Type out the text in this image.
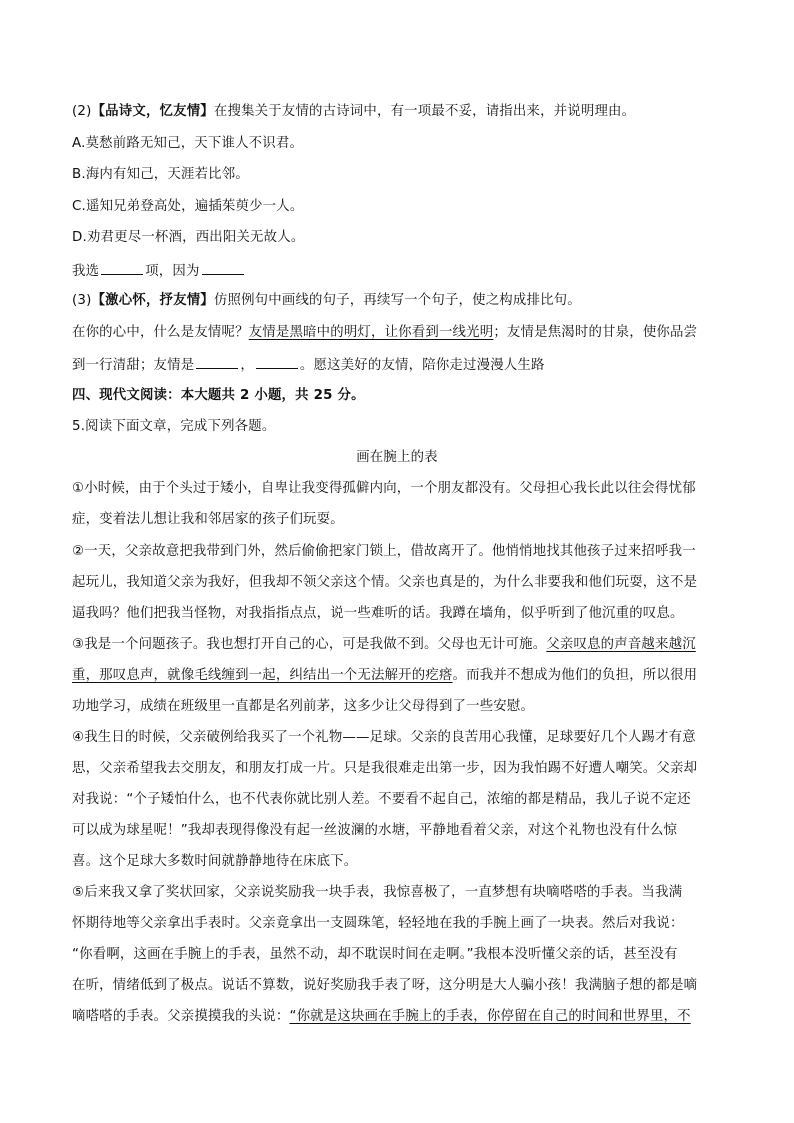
(2)【品诗文，忆友情】在搜集关于友情的古诗词中，有一项最不妥，请指出来，并说明理由。
A.莫愁前路无知己，天下谁人不识君。
B.海内有知己，天涯若比邻。
C.遥知兄弟登高处，遍插茱萸少一人。
D.劝君更尽一杯酒，西出阳关无故人。
我选	项，因为
(3)【激心怀，抒友情】仿照例句中画线的句子，再续写一个句子，使之构成排比句。
在你的心中，什么是友情呢？友情是黑暗中的明灯，让你看到一线光明；友情是焦渴时的甘泉，使你品尝
到一行清甜；友情是	，	。愿这美好的友情，陪你走过漫漫人生路
四、现代文阅读：本大题共 2 小题，共 25 分。
5.阅读下面文章，完成下列各题。
画在腕上的表
①小时候，由于个头过于矮小，自卑让我变得孤僻内向，一个朋友都没有。父母担心我长此以往会得忧郁
症，变着法儿想让我和邻居家的孩子们玩耍。
②一天，父亲故意把我带到门外，然后偷偷把家门锁上，借故离开了。他悄悄地找其他孩子过来招呼我一
起玩儿，我知道父亲为我好，但我却不领父亲这个情。父亲也真是的，为什么非要我和他们玩耍，这不是
逼我吗？他们把我当怪物，对我指指点点，说一些难听的话。我蹲在墙角，似乎听到了他沉重的叹息。
③我是一个问题孩子。我也想打开自己的心，可是我做不到。父母也无计可施。父亲叹息的声音越来越沉
重，那叹息声，就像毛线缠到一起，纠结出一个无法解开的疙瘩。而我并不想成为他们的负担，所以很用
功地学习，成绩在班级里一直都是名列前茅，这多少让父母得到了一些安慰。
④我生日的时候，父亲破例给我买了一个礼物——足球。父亲的良苦用心我懂，足球要好几个人踢才有意
思，父亲希望我去交朋友，和朋友打成一片。只是我很难走出第一步，因为我怕踢不好遭人嘲笑。父亲却
对我说：“个子矮怕什么，也不代表你就比别人差。不要看不起自己，浓缩的都是精品，我儿子说不定还
可以成为球星呢！”我却表现得像没有起一丝波澜的水塘，平静地看着父亲，对这个礼物也没有什么惊
喜。这个足球大多数时间就静静地待在床底下。
⑤后来我又拿了奖状回家，父亲说奖励我一块手表，我惊喜极了，一直梦想有块嘀嗒嗒的手表。当我满
怀期待地等父亲拿出手表时。父亲竟拿出一支圆珠笔，轻轻地在我的手腕上画了一块表。然后对我说：
“你看啊，这画在手腕上的手表，虽然不动，却不耽误时间在走啊。”我根本没听懂父亲的话，甚至没有
在听，情绪低到了极点。说话不算数，说好奖励我手表了呀，这分明是大人骗小孩！我满脑子想的都是嘀
嘀嗒嗒的手表。父亲摸摸我的头说：“你就是这块画在手腕上的手表，你停留在自己的时间和世界里，不
